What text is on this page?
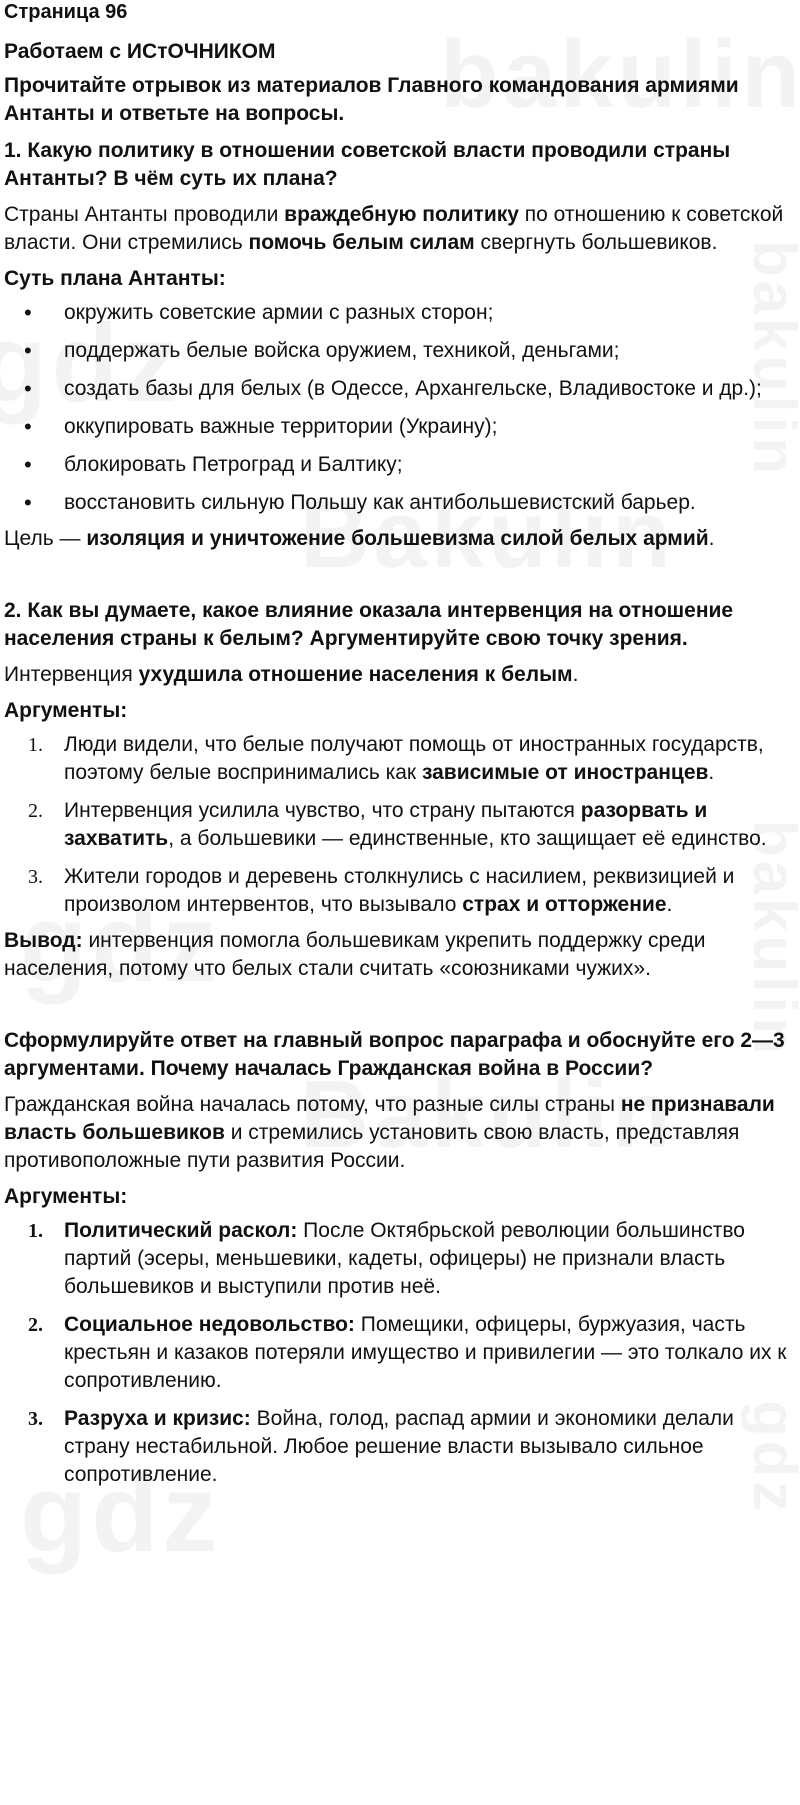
Страница 96
Работаем с ИСтОЧНИКОМ
Прочитайте отрывок из материалов Главного командования армиями Антанты и ответьте на вопросы.
1. Какую политику в отношении советской власти проводили страны Антанты? В чём суть их плана?
Страны Антанты проводили враждебную политику по отношению к советской власти. Они стремились помочь белым силам свергнуть большевиков.
Суть плана Антанты:
• окружить советские армии с разных сторон;
• поддержать белые войска оружием, техникой, деньгами;
• создать базы для белых (в Одессе, Архангельске, Владивостоке и др.);
• оккупировать важные территории (Украину);
• блокировать Петроград и Балтику;
• восстановить сильную Польшу как антибольшевистский барьер.
Цель — изоляция и уничтожение большевизма силой белых армий.
2. Как вы думаете, какое влияние оказала интервенция на отношение населения страны к белым? Аргументируйте свою точку зрения.
Интервенция ухудшила отношение населения к белым.
Аргументы:
1. Люди видели, что белые получают помощь от иностранных государств, поэтому белые воспринимались как зависимые от иностранцев.
2. Интервенция усилила чувство, что страну пытаются разорвать и захватить, а большевики — единственные, кто защищает её единство.
3. Жители городов и деревень столкнулись с насилием, реквизицией и произволом интервентов, что вызывало страх и отторжение.
Вывод: интервенция помогла большевикам укрепить поддержку среди населения, потому что белых стали считать «союзниками чужих».
Сформулируйте ответ на главный вопрос параграфа и обоснуйте его 2—3 аргументами. Почему началась Гражданская война в России?
Гражданская война началась потому, что разные силы страны не признавали власть большевиков и стремились установить свою власть, представляя противоположные пути развития России.
Аргументы:
1. Политический раскол: После Октябрьской революции большинство партий (эсеры, меньшевики, кадеты, офицеры) не признали власть большевиков и выступили против неё.
2. Социальное недовольство: Помещики, офицеры, буржуазия, часть крестьян и казаков потеряли имущество и привилегии — это толкало их к сопротивлению.
3. Разруха и кризис: Война, голод, распад армии и экономики делали страну нестабильной. Любое решение власти вызывало сильное сопротивление.
